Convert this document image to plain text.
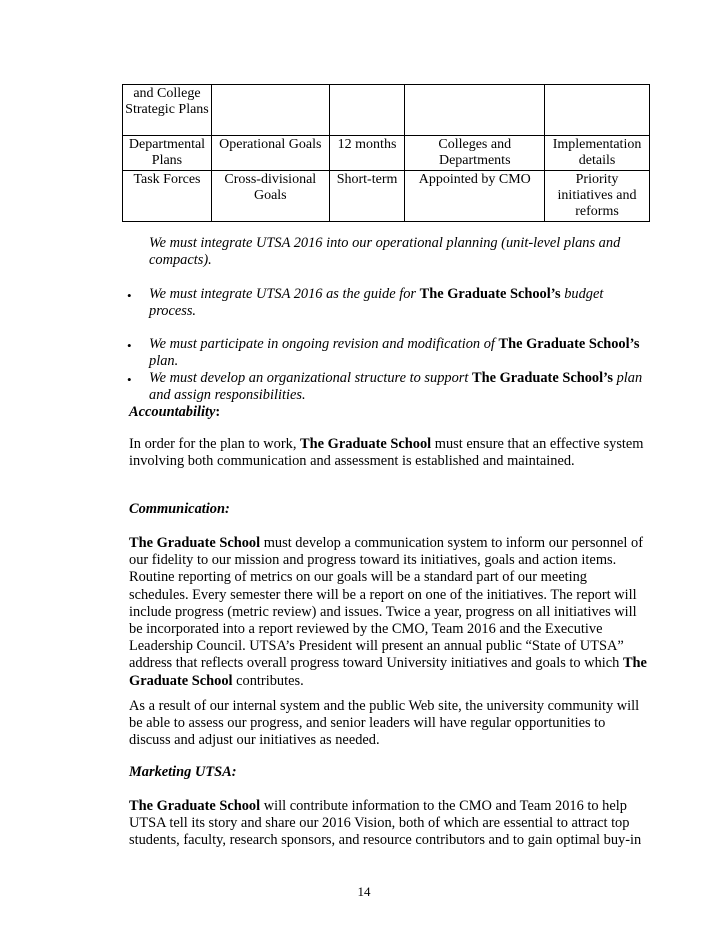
and College Strategic Plans				
Departmental Plans	Operational Goals	12 months	Colleges and Departments	Implementation details
Task Forces	Cross-divisional Goals	Short-term	Appointed by CMO	Priority initiatives and reforms
We must integrate UTSA 2016 into our operational planning (unit-level plans and compacts).
• We must integrate UTSA 2016 as the guide for The Graduate School’s budget process.
• We must participate in ongoing revision and modification of The Graduate School’s plan.
• We must develop an organizational structure to support The Graduate School’s plan and assign responsibilities.
Accountability:
In order for the plan to work, The Graduate School must ensure that an effective system involving both communication and assessment is established and maintained.
Communication:
The Graduate School must develop a communication system to inform our personnel of our fidelity to our mission and progress toward its initiatives, goals and action items. Routine reporting of metrics on our goals will be a standard part of our meeting schedules. Every semester there will be a report on one of the initiatives. The report will include progress (metric review) and issues. Twice a year, progress on all initiatives will be incorporated into a report reviewed by the CMO, Team 2016 and the Executive Leadership Council. UTSA’s President will present an annual public “State of UTSA” address that reflects overall progress toward University initiatives and goals to which The Graduate School contributes.
As a result of our internal system and the public Web site, the university community will be able to assess our progress, and senior leaders will have regular opportunities to discuss and adjust our initiatives as needed.
Marketing UTSA:
The Graduate School will contribute information to the CMO and Team 2016 to help UTSA tell its story and share our 2016 Vision, both of which are essential to attract top students, faculty, research sponsors, and resource contributors and to gain optimal buy-in
14
